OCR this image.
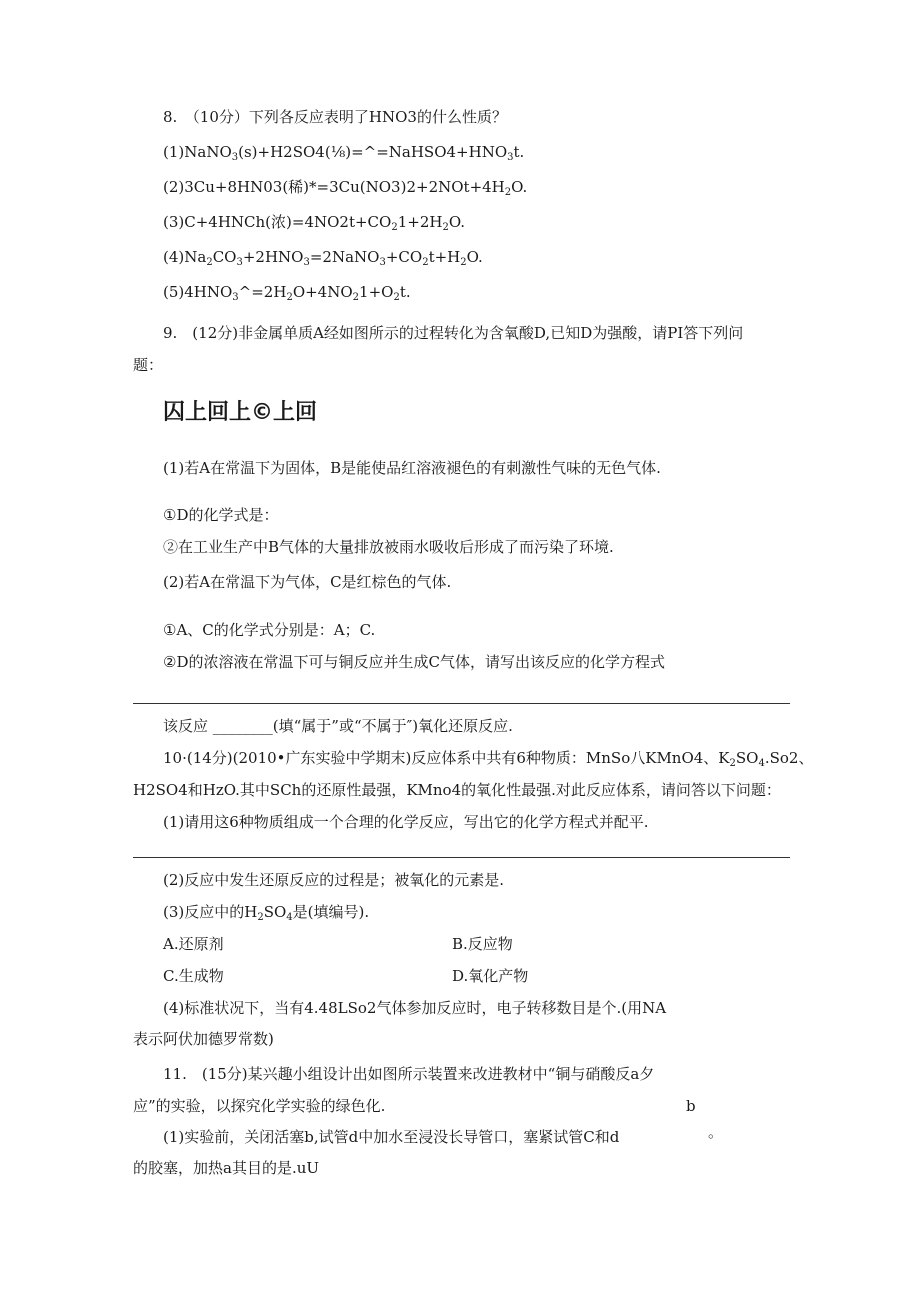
8.　（10分）下列各反应表明了HNO3的什么性质？
$(1)NaNO_3(s)+H2SO4(\frac{1}{8})=\^{}=NaHSO4+HNO_3t$.
(2)3Cu+8HN03(稀)$*=3Cu(NO3)2+2NOt+4H_2O$.
(3)C+4HNCh(浓)$=4NO2t+CO_21+2H_2O$.
$(4)Na_2CO_3+2HNO_3=2NaNO_3+CO_2t+H_2O$.
$(5)4HNO_3\^{}=2H_2O+4NO_21+O_2t$.
9.　(12分)非金属单质A经如图所示的过程转化为含氧酸D,已知D为强酸，请PI答下列问
题：
囚上回上©上回
(1)若A在常温下为固体，B是能使品红溶液褪色的有刺激性气味的无色气体.
①D的化学式是：
②在工业生产中B气体的大量排放被雨水吸收后形成了而污染了环境.
(2)若A在常温下为气体，C是红棕色的气体.
①A、C的化学式分别是：A；C.
②D的浓溶液在常温下可与铜反应并生成C气体，请写出该反应的化学方程式
该反应 ________(填“属于”或“不属于″)氧化还原反应.
10·(14分)(2010•广东实验中学期末)反应体系中共有6种物质：MnSo八KMnO4、$K_2SO_4.So2$、
H2SO4和HzO.其中SCh的还原性最强，KMno4的氧化性最强.对此反应体系，请问答以下问题：
(1)请用这6种物质组成一个合理的化学反应，写出它的化学方程式并配平.
(2)反应中发生还原反应的过程是；被氧化的元素是.
(3)反应中的$H_2SO_4$是(填编号).
A.还原剂	B.反应物
C.生成物	D.氧化产物
(4)标准状况下，当有4.48LSo2气体参加反应时，电子转移数目是个.(用NA
表示阿伏加德罗常数)
11.　(15分)某兴趣小组设计出如图所示装置来改进教材中“铜与硝酸反a夕
应”的实验，以探究化学实验的绿色化.	b
(1)实验前，关闭活塞b,试管d中加水至浸没长导管口，塞紧试管C和d	。
的胶塞，加热a其目的是.uU
